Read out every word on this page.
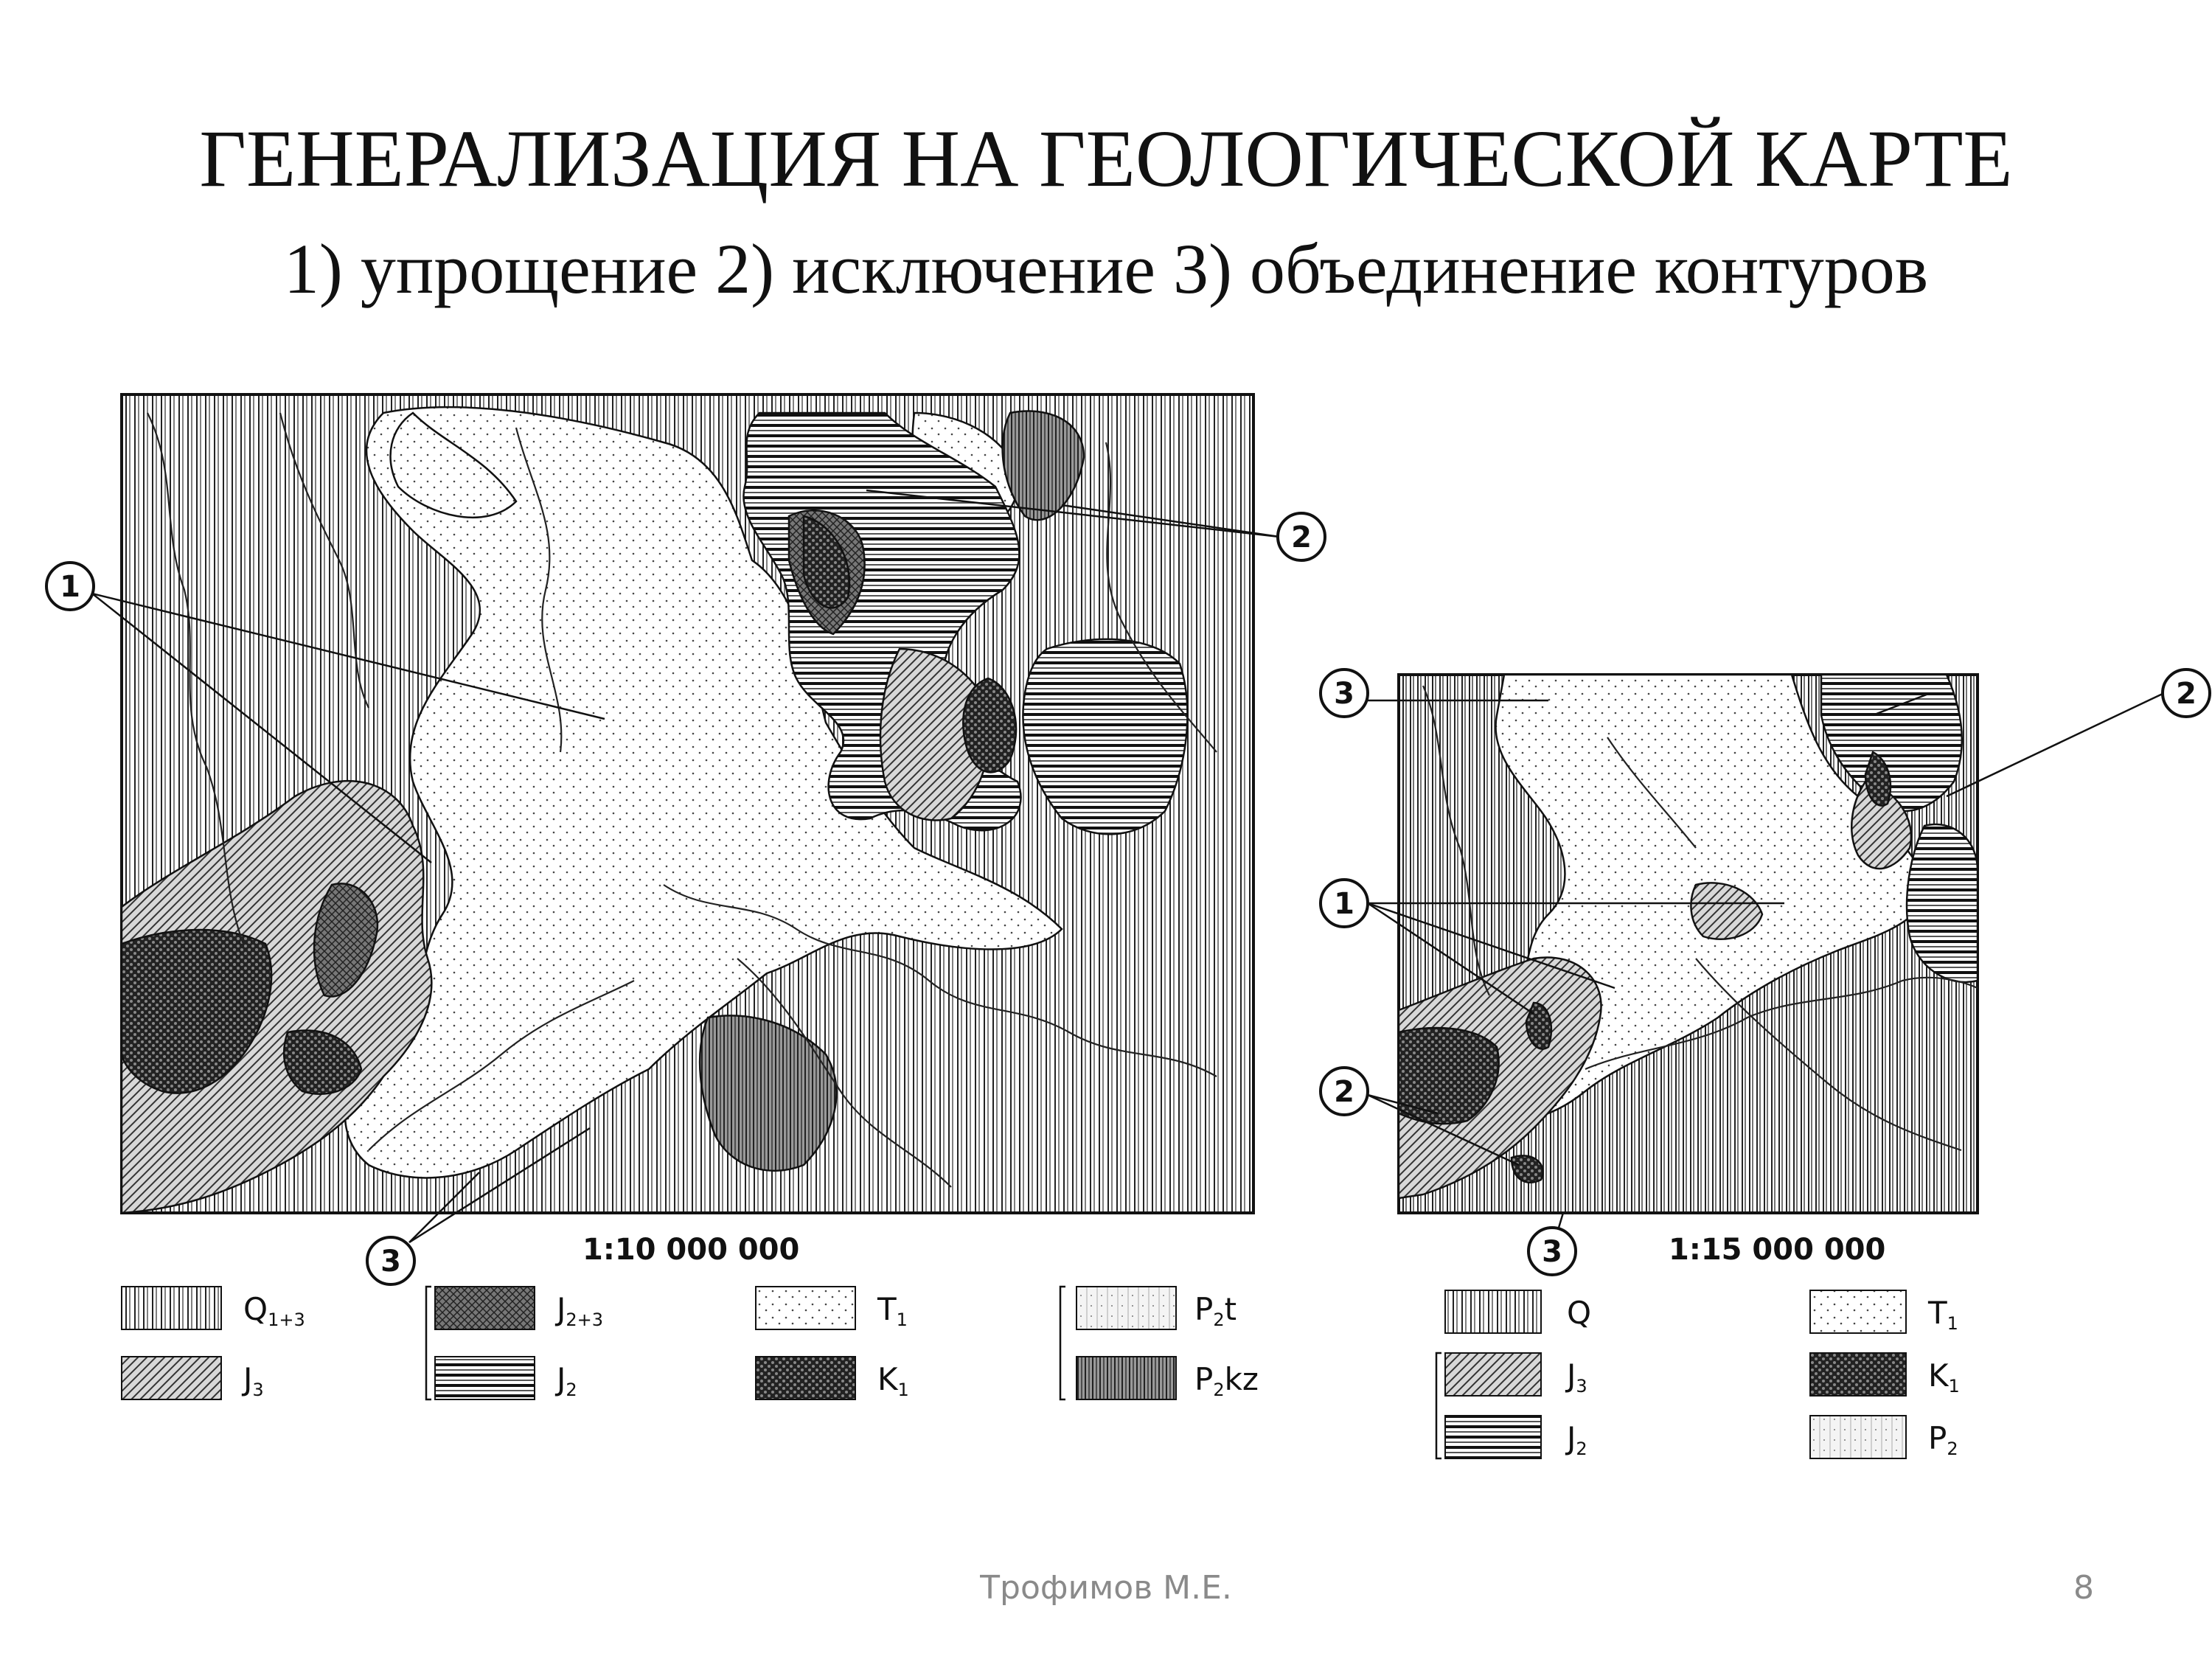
ГЕНЕРАЛИЗАЦИЯ НА ГЕОЛОГИЧЕСКОЙ КАРТЕ
1) упрощение 2) исключение 3) объединение контуров
1:10 000 000	1:15 000 000
1
2
3
3	2
1
2
3
Q1+3
J3
J2+3
J2
T1
K1
P2t
P2kz
Q
J3
J2
T1
K1
P2
Трофимов М.Е.	8
